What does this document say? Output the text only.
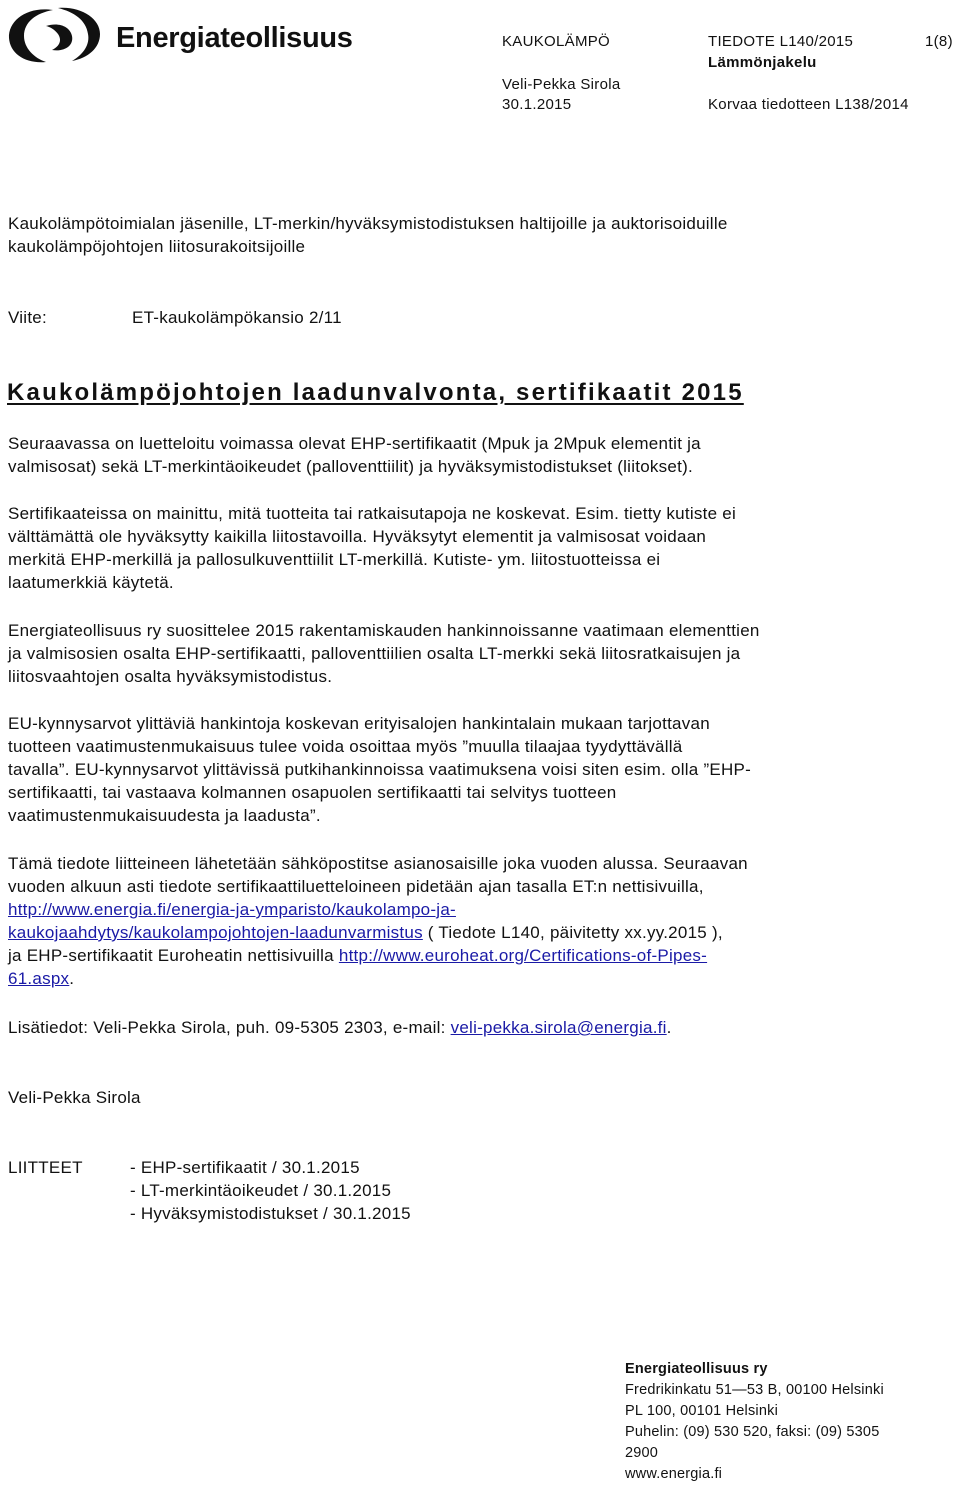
Energiateollisuus	KAUKOLÄMPÖ
Veli-Pekka Sirola
30.1.2015
TIEDOTE L140/2015	1(8)
Lämmönjakelu
Korvaa tiedotteen L138/2014

Kaukolämpötoimialan jäsenille, LT-merkin/hyväksymistodistuksen haltijoille ja auktorisoiduille

kaukolämpöjohtojen liitosurakoitsijoille

Viite:	ET-kaukolämpökansio 2/11
Kaukolämpöjohtojen laadunvalvonta, sertifikaatit 2015

Seuraavassa on luetteloitu voimassa olevat EHP-sertifikaatit (Mpuk ja 2Mpuk elementit ja

valmisosat) sekä LT-merkintäoikeudet (palloventtiilit) ja hyväksymistodistukset (liitokset).

Sertifikaateissa on mainittu, mitä tuotteita tai ratkaisutapoja ne koskevat. Esim. tietty kutiste ei

välttämättä ole hyväksytty kaikilla liitostavoilla. Hyväksytyt elementit ja valmisosat voidaan

merkitä EHP-merkillä ja pallosulkuventtiilit LT-merkillä. Kutiste- ym. liitostuotteissa ei

laatumerkkiä käytetä.

Energiateollisuus ry suosittelee 2015 rakentamiskauden hankinnoissanne vaatimaan elementtien

ja valmisosien osalta EHP-sertifikaatti, palloventtiilien osalta LT-merkki sekä liitosratkaisujen ja

liitosvaahtojen osalta hyväksymistodistus.

EU-kynnysarvot ylittäviä hankintoja koskevan erityisalojen hankintalain mukaan tarjottavan

tuotteen vaatimustenmukaisuus tulee voida osoittaa myös ”muulla tilaajaa tyydyttävällä

tavalla”. EU-kynnysarvot ylittävissä putkihankinnoissa vaatimuksena voisi siten esim. olla ”EHP-

sertifikaatti, tai vastaava kolmannen osapuolen sertifikaatti tai selvitys tuotteen

vaatimustenmukaisuudesta ja laadusta”.

Tämä tiedote liitteineen lähetetään sähköpostitse asianosaisille joka vuoden alussa. Seuraavan

vuoden alkuun asti tiedote sertifikaattiluetteloineen pidetään ajan tasalla ET:n nettisivuilla,

http://www.energia.fi/energia-ja-ymparisto/kaukolampo-ja-

kaukojaahdytys/kaukolampojohtojen-laadunvarmistus ( Tiedote L140, päivitetty xx.yy.2015 ),

ja EHP-sertifikaatit Euroheatin nettisivuilla http://www.euroheat.org/Certifications-of-Pipes-

61.aspx.

Lisätiedot: Veli-Pekka Sirola, puh. 09-5305 2303, e-mail: veli-pekka.sirola@energia.fi.
Veli-Pekka Sirola
LIITTEET	- EHP-sertifikaatit / 30.1.2015

- LT-merkintäoikeudet / 30.1.2015

- Hyväksymistodistukset / 30.1.2015

Energiateollisuus ry
Fredrikinkatu 51—53 B, 00100 Helsinki
PL 100, 00101 Helsinki
Puhelin: (09) 530 520, faksi: (09) 5305
2900
www.energia.fi
